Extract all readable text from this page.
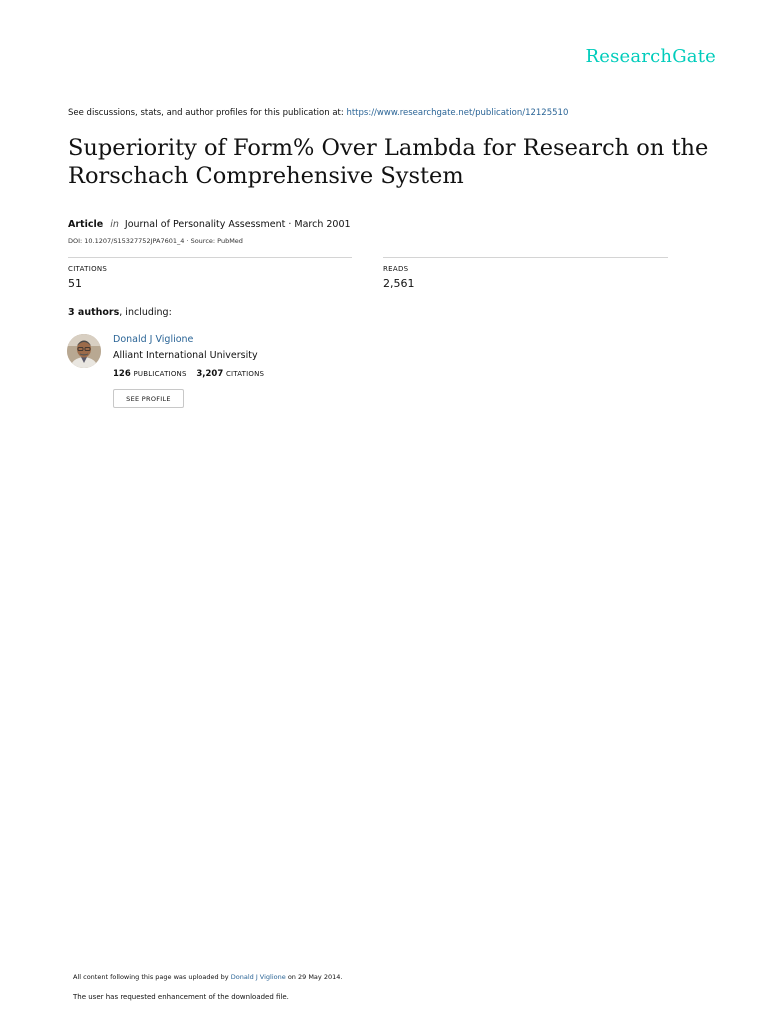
ResearchGate
See discussions, stats, and author profiles for this publication at: https://www.researchgate.net/publication/12125510
Superiority of Form% Over Lambda for Research on the
Rorschach Comprehensive System
Article in Journal of Personality Assessment · March 2001
DOI: 10.1207/S15327752JPA7601_4 · Source: PubMed
CITATIONS
51
READS
2,561
3 authors, including:
Donald J Viglione
Alliant International University
126 PUBLICATIONS 3,207 CITATIONS
SEE PROFILE
All content following this page was uploaded by Donald J Viglione on 29 May 2014.
The user has requested enhancement of the downloaded file.
